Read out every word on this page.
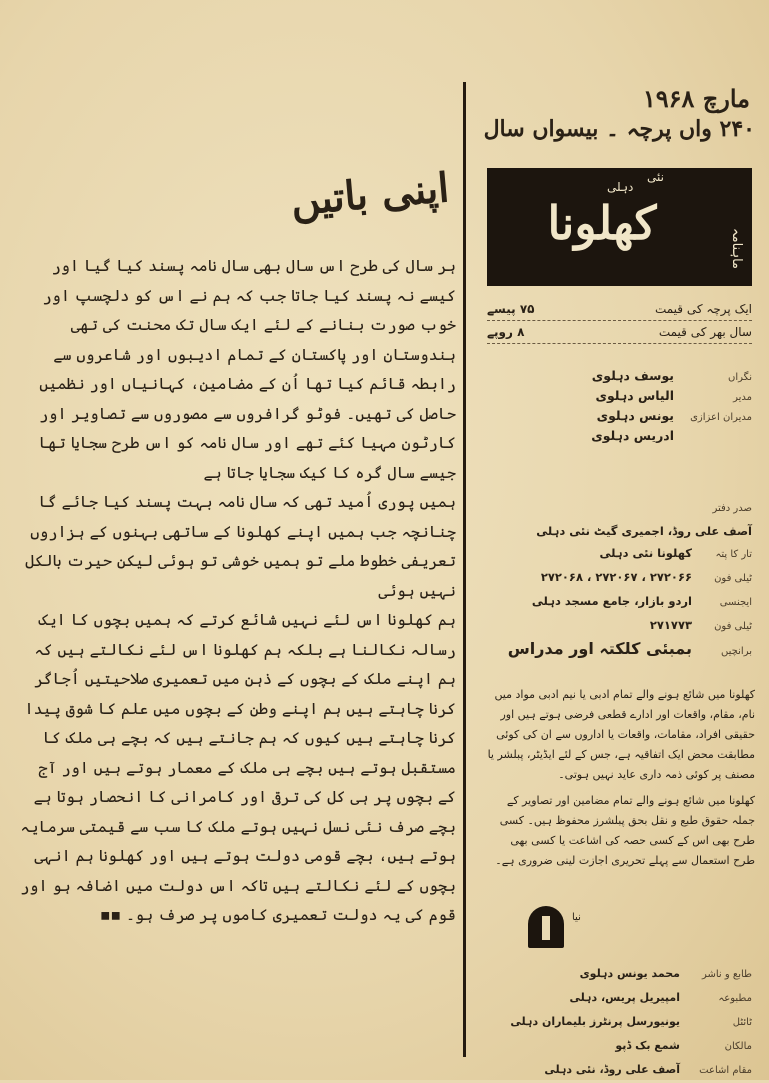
اپنی باتیں

ہر سال کی طرح اس سال بھی سال نامہ پسند کیا گیا اور کیسے نہ پسند کیا جاتا جب کہ ہم نے اس کو دلچسپ اور خوب صورت بنانے کے لئے ایک سال تک محنت کی تھی ہندوستان اور پاکستان کے تمام ادیبوں اور شاعروں سے رابطہ قائم کیا تھا اُن کے مضامین، کہانیاں اور نظمیں حاصل کی تھیں۔ فوٹو گرافروں سے مصوروں سے تصاویر اور کارٹون مہیا کئے تھے اور سال نامہ کو اس طرح سجایا تھا جیسے سال گرہ کا کیک سجایا جاتا ہے

ہمیں پوری اُمید تھی کہ سال نامہ بہت پسند کیا جائے گا چنانچہ جب ہمیں اپنے کھلونا کے ساتھی بہنوں کے ہزاروں تعریفی خطوط ملے تو ہمیں خوشی تو ہوئی لیکن حیرت بالکل نہیں ہوئی

ہم کھلونا اس لئے نہیں شائع کرتے کہ ہمیں بچوں کا ایک رسالہ نکالنا ہے بلکہ ہم کھلونا اس لئے نکالتے ہیں کہ ہم اپنے ملک کے بچوں کے ذہن میں تعمیری صلاحیتیں اُجاگر کرنا چاہتے ہیں ہم اپنے وطن کے بچوں میں علم کا شوق پیدا کرنا چاہتے ہیں کیوں کہ ہم جانتے ہیں کہ بچے ہی ملک کا مستقبل ہوتے ہیں بچے ہی ملک کے معمار ہوتے ہیں اور آج کے بچوں پر ہی کل کی ترقی اور کامرانی کا انحصار ہوتا ہے

بچے صرف نئی نسل نہیں ہوتے ملک کا سب سے قیمتی سرمایہ ہوتے ہیں، بچے قومی دولت ہوتے ہیں اور کھلونا ہم انہی بچوں کے لئے نکالتے ہیں تاکہ اس دولت میں اضافہ ہو اور قوم کی یہ دولت تعمیری کاموں پر صرف ہو۔ ▪▪

مارچ ۱۹۶۸
۲۴۰ واں پرچہ ۔ بیسواں سال
نئی
دہلی
کھلونا	ماہنامہ
ایک پرچہ کی قیمت
۷۵ پیسے
سال بھر کی قیمت
۸ روپے
نگراںیوسف دہلوی
مدیرالیاس دہلوی
مدیران اعزازییونس دہلوی
ادریس دہلوی
صدر دفترآصف علی روڈ، اجمیری گیٹ نئی دہلی
تار کا پتہکھلونا نئی دہلی
ٹیلی فون۲۷۲۰۶۶ ، ۲۷۲۰۶۷ ، ۲۷۲۰۶۸
ایجنسیاردو بازار، جامع مسجد دہلی
ٹیلی فون۲۷۱۷۷۳
برانچیںبمبئی کلکتہ اور مدراس

کھلونا میں شائع ہونے والے تمام ادبی یا نیم ادبی مواد میں نام، مقام، واقعات اور ادارے قطعی فرضی ہوتے ہیں اور حقیقی افراد، مقامات، واقعات یا اداروں سے ان کی کوئی مطابقت محض ایک اتفاقیہ ہے، جس کے لئے ایڈیٹر، پبلشر یا مصنف پر کوئی ذمہ داری عاید نہیں ہوتی۔

کھلونا میں شائع ہونے والے تمام مضامین اور تصاویر کے جملہ حقوق طبع و نقل بحق پبلشرز محفوظ ہیں۔ کسی طرح بھی اس کے کسی حصہ کی اشاعت یا کسی بھی طرح استعمال سے پہلے تحریری اجازت لینی ضروری ہے۔

نیا
طابع و ناشرمحمد یونس دہلوی
مطبوعہامپیریل پریس، دہلی
ٹائٹلیونیورسل پرنٹرز بلیماران دہلی
مالکانشمع بک ڈپو
مقام اشاعتآصف علی روڈ، نئی دہلی
